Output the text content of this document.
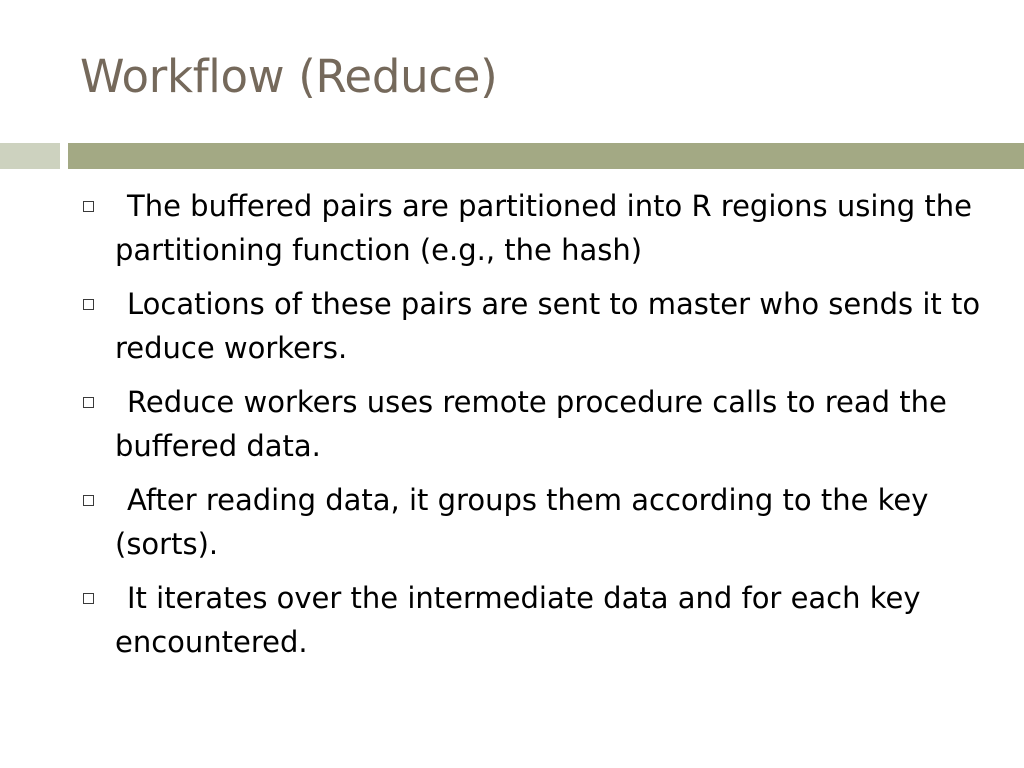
Workflow (Reduce)
The buffered pairs are partitioned into R regions using the partitioning function (e.g., the hash)
Locations of these pairs are sent to master who sends it to reduce workers.
Reduce workers uses remote procedure calls to read the buffered data.
After reading data, it groups them according to the key (sorts).
It iterates over the intermediate data and for each key encountered.
